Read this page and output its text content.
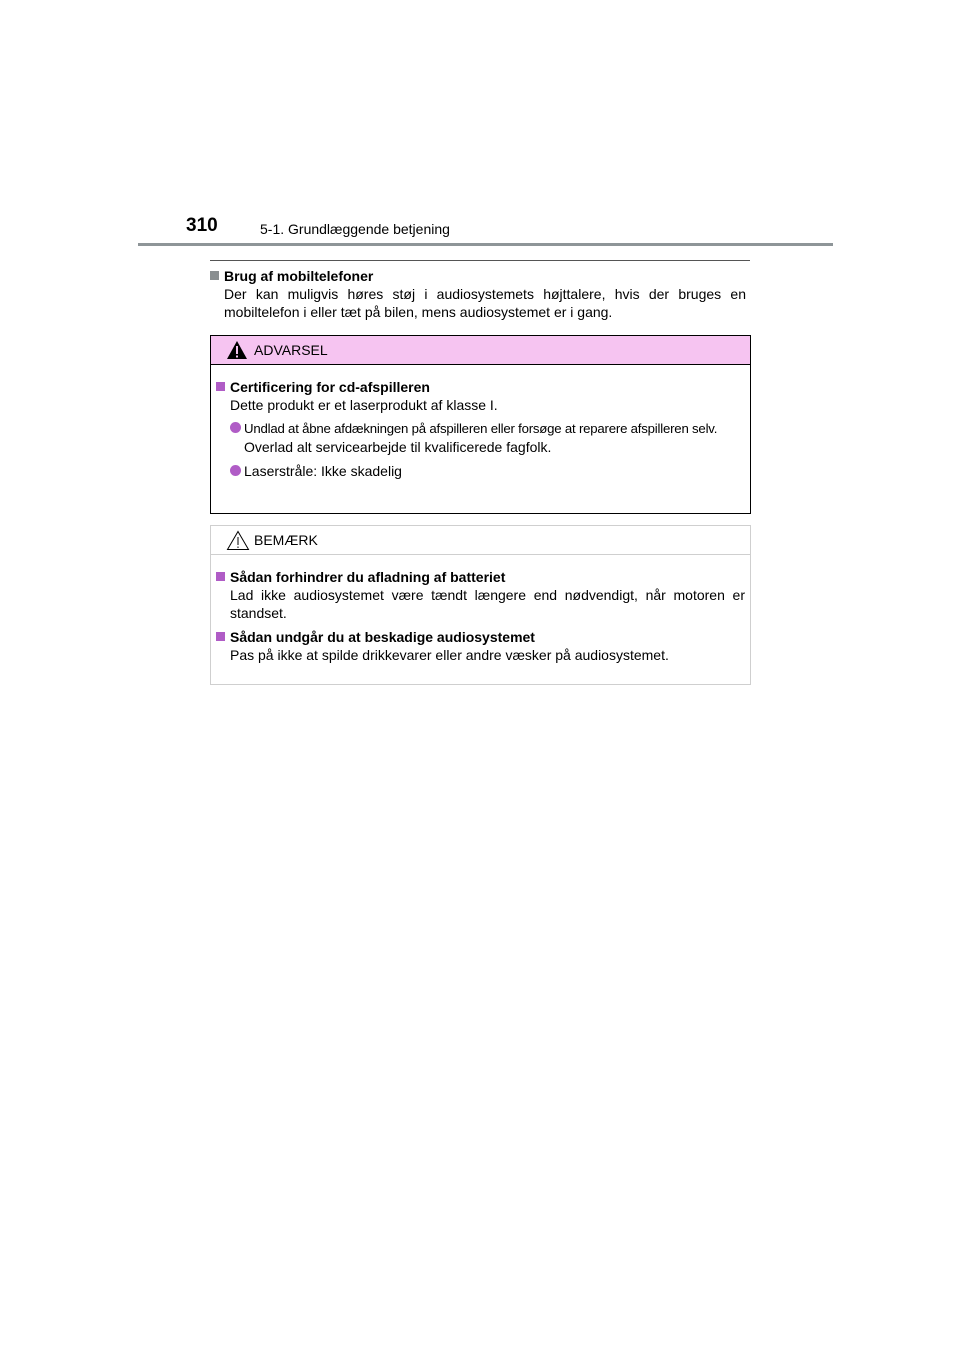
310	5-1. Grundlæggende betjening
Brug af mobiltelefoner
Der kan muligvis høres støj i audiosystemets højttalere, hvis der bruges en mobiltelefon i eller tæt på bilen, mens audiosystemet er i gang.
ADVARSEL
Certificering for cd-afspilleren
Dette produkt er et laserprodukt af klasse I.
Undlad at åbne afdækningen på afspilleren eller forsøge at reparere afspilleren selv.
Overlad alt servicearbejde til kvalificerede fagfolk.
Laserstråle: Ikke skadelig
BEMÆRK
Sådan forhindrer du afladning af batteriet
Lad ikke audiosystemet være tændt længere end nødvendigt, når motoren er standset.
Sådan undgår du at beskadige audiosystemet
Pas på ikke at spilde drikkevarer eller andre væsker på audiosystemet.
